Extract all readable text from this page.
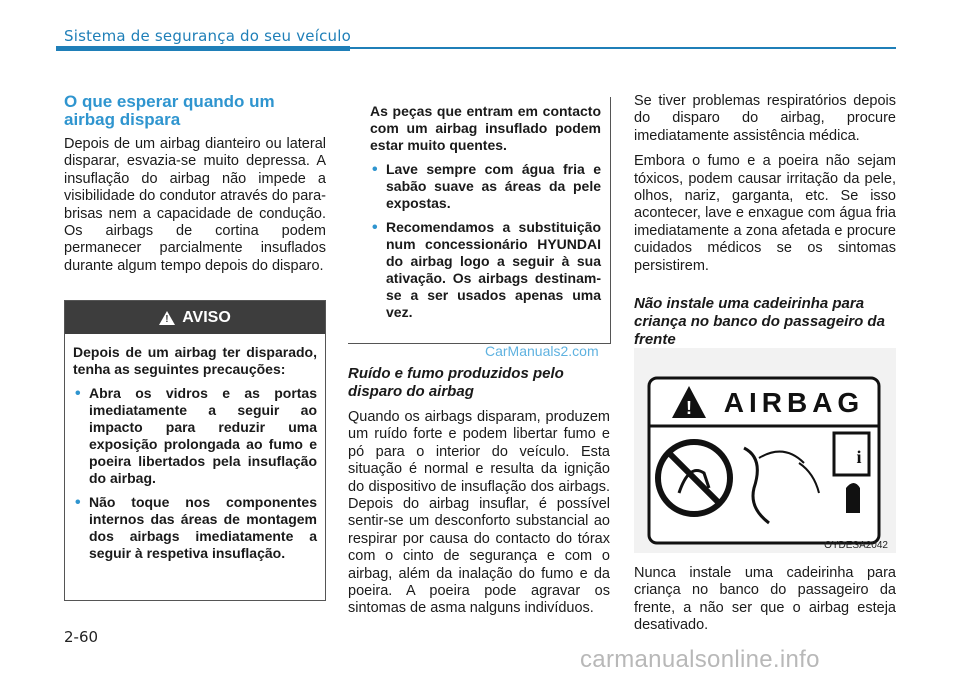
Sistema de segurança do seu veículo
O que esperar quando um airbag dispara

Depois de um airbag dianteiro ou lateral disparar, esvazia-se muito depressa. A insuflação do airbag não impede a visibilidade do condutor através do para-brisas nem a capacidade de condução. Os airbags de cortina podem permanecer parcialmente insuflados durante algum tempo depois do disparo.

! AVISO

Depois de um airbag ter disparado, tenha as seguintes precauções:

• Abra os vidros e as portas imediatamente a seguir ao impacto para reduzir uma exposição prolongada ao fumo e poeira libertados pela insuflação do airbag.
• Não toque nos componentes internos das áreas de montagem dos airbags imediatamente a seguir à respetiva insuflação.

As peças que entram em contacto com um airbag insuflado podem estar muito quentes.

• Lave sempre com água fria e sabão suave as áreas da pele expostas.
• Recomendamos a substituição num concessionário HYUNDAI do airbag logo a seguir à sua ativação. Os airbags destinam-se a ser usados apenas uma vez.
CarManuals2.com
Ruído e fumo produzidos pelo disparo do airbag

Quando os airbags disparam, produzem um ruído forte e podem libertar fumo e pó para o interior do veículo. Esta situação é normal e resulta da ignição do dispositivo de insuflação dos airbags. Depois do airbag insuflar, é possível sentir-se um desconforto substancial ao respirar por causa do contacto do tórax com o cinto de segurança e com o airbag, além da inalação do fumo e da poeira. A poeira pode agravar os sintomas de asma nalguns indivíduos.

Se tiver problemas respiratórios depois do disparo do airbag, procure imediatamente assistência médica.

Embora o fumo e a poeira não sejam tóxicos, podem causar irritação da pele, olhos, nariz, garganta, etc. Se isso acontecer, lave e enxague com água fria imediatamente a zona afetada e procure cuidados médicos se os sintomas persistirem.

Não instale uma cadeirinha para criança no banco do passageiro da frente
! AIRBAG
i
OYDESA2042

Nunca instale uma cadeirinha para criança no banco do passageiro da frente, a não ser que o airbag esteja desativado.

2-60
carmanualsonline.info
